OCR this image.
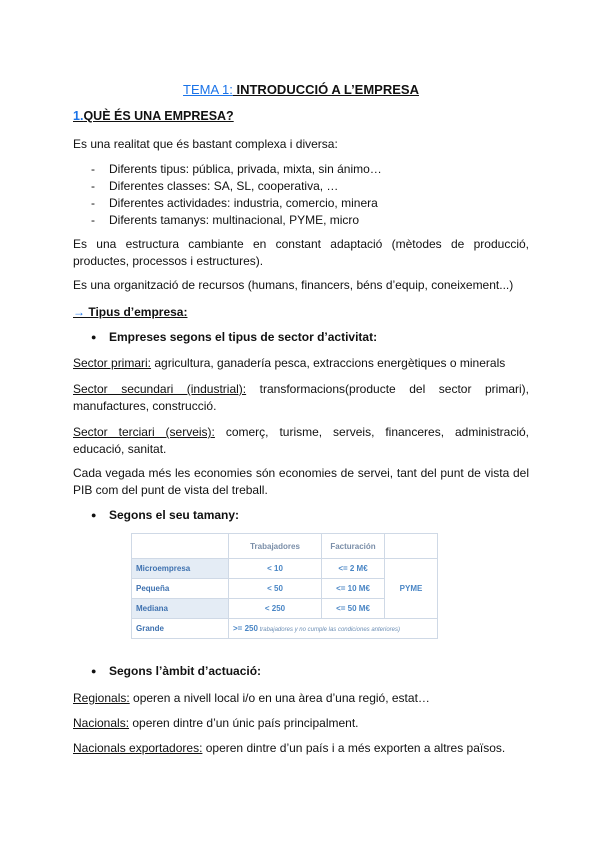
TEMA 1: INTRODUCCIÓ A L’EMPRESA
1.QUÈ ÉS UNA EMPRESA?
Es una realitat que és bastant complexa i diversa:
- Diferents tipus: pública, privada, mixta, sin ánimo…
- Diferentes classes: SA, SL, cooperativa, …
- Diferentes actividades: industria, comercio, minera
- Diferents tamanys: multinacional, PYME, micro
Es una estructura cambiante en constant adaptació (mètodes de producció, productes, processos i estructures).
Es una organització de recursos (humans, financers, béns d’equip, coneixement...)
→ Tipus d’empresa:
● Empreses segons el tipus de sector d’activitat:
Sector primari: agricultura, ganadería pesca, extraccions energètiques o minerals
Sector secundari (industrial): transformacions(producte del sector primari), manufactures, construcció.
Sector terciari (serveis): comerç, turisme, serveis, financeres, administració, educació, sanitat.
Cada vegada més les economies són economies de servei, tant del punt de vista del PIB com del punt de vista del treball.
● Segons el seu tamany:
	Trabajadores	Facturación	
Microempresa	< 10	<= 2 M€	PYME
Pequeña	< 50	<= 10 M€	
Mediana	< 250	<= 50 M€	
Grande	>= 250 trabajadores y no cumple las condiciones anteriores)		
● Segons l’àmbit d’actuació:
Regionals: operen a nivell local i/o en una àrea d’una regió, estat…
Nacionals: operen dintre d’un únic país principalment.
Nacionals exportadores: operen dintre d’un país i a més exporten a altres països.
